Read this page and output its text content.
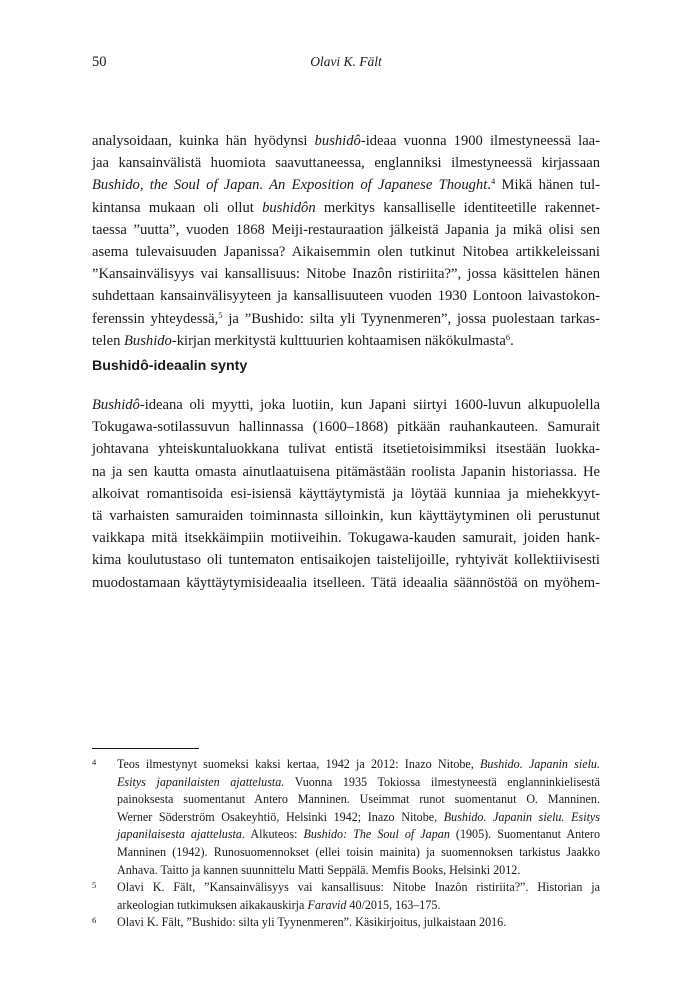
50	Olavi K. Fält
analysoidaan, kuinka hän hyödynsi bushidô-ideaa vuonna 1900 ilmestyneessä laa-
jaa kansainvälistä huomiota saavuttaneessa, englanniksi ilmestyneessä kirjassaan
Bushido, the Soul of Japan. An Exposition of Japanese Thought.$^4$ Mikä hänen tul-
kintansa mukaan oli ollut bushidôn merkitys kansalliselle identiteetille rakennet-
taessa ”uutta”, vuoden 1868 Meiji-restauraation jälkeistä Japania ja mikä olisi sen
asema tulevaisuuden Japanissa? Aikaisemmin olen tutkinut Nitobea artikkeleissani
”Kansainvälisyys vai kansallisuus: Nitobe Inazôn ristiriita?”, jossa käsittelen hänen
suhdettaan kansainvälisyyteen ja kansallisuuteen vuoden 1930 Lontoon laivastokon-
ferenssin yhteydessä,$^5$ ja ”Bushido: silta yli Tyynenmeren”, jossa puolestaan tarkas-
telen Bushido-kirjan merkitystä kulttuurien kohtaamisen näkökulmasta$^6$.
Bushidô-ideaalin synty
Bushidô-ideana oli myytti, joka luotiin, kun Japani siirtyi 1600-luvun alkupuolella
Tokugawa-sotilassuvun hallinnassa (1600–1868) pitkään rauhankauteen. Samurait
johtavana yhteiskuntaluokkana tulivat entistä itsetietoisimmiksi itsestään luokka-
na ja sen kautta omasta ainutlaatuisena pitämästään roolista Japanin historiassa. He
alkoivat romantisoida esi-isiensä käyttäytymistä ja löytää kunniaa ja miehekkyyt-
tä varhaisten samuraiden toiminnasta silloinkin, kun käyttäytyminen oli perustunut
vaikkapa mitä itsekkäimpiin motiiveihin. Tokugawa-kauden samurait, joiden hank-
kima koulutustaso oli tuntematon entisaikojen taistelijoille, ryhtyivät kollektiivisesti
muodostamaan käyttäytymisideaalia itselleen. Tätä ideaalia säännöstöä on myöhem-
4 Teos ilmestynyt suomeksi kaksi kertaa, 1942 ja 2012: Inazo Nitobe, Bushido. Japanin sielu.
Esitys japanilaisten ajattelusta. Vuonna 1935 Tokiossa ilmestyneestä englanninkielisestä
painoksesta suomentanut Antero Manninen. Useimmat runot suomentanut O. Manninen.
Werner Söderström Osakeyhtiö, Helsinki 1942; Inazo Nitobe, Bushido. Japanin sielu. Esitys
japanilaisesta ajattelusta. Alkuteos: Bushido: The Soul of Japan (1905). Suomentanut Antero
Manninen (1942). Runosuomennokset (ellei toisin mainita) ja suomennoksen tarkistus Jaakko
Anhava. Taitto ja kannen suunnittelu Matti Seppälä. Memfis Books, Helsinki 2012.
5 Olavi K. Fält, ”Kansainvälisyys vai kansallisuus: Nitobe Inazôn ristiriita?”. Historian ja
arkeologian tutkimuksen aikakauskirja Faravid 40/2015, 163–175.
6 Olavi K. Fält, ”Bushido: silta yli Tyynenmeren”. Käsikirjoitus, julkaistaan 2016.
